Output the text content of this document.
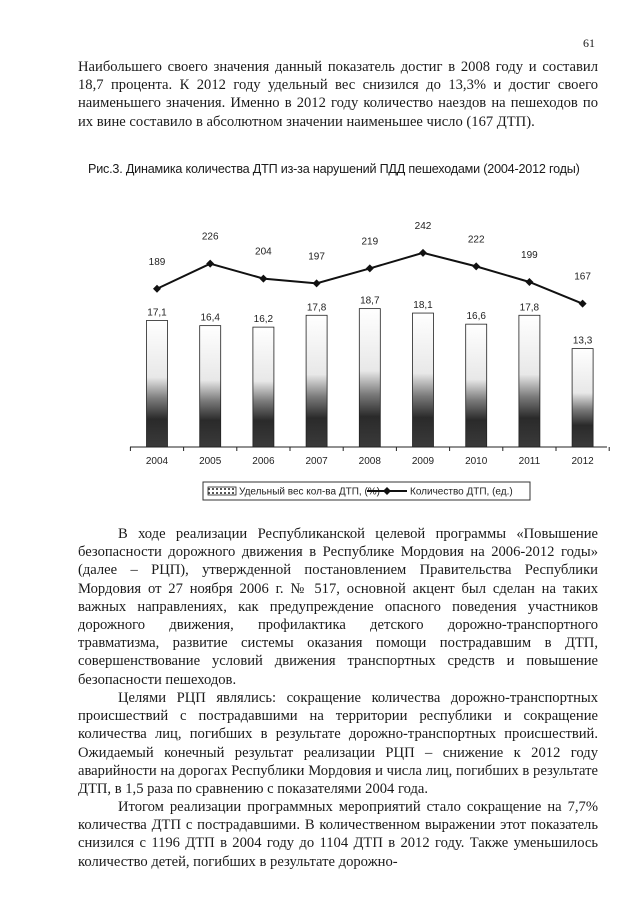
61

Наибольшего своего значения данный показатель достиг в 2008 году и составил 18,7 процента. К 2012 году удельный вес снизился до 13,3% и достиг своего наименьшего значения. Именно в 2012 году количество наездов на пешеходов по их вине составило в абсолютном значении наименьшее число (167 ДТП).

Рис.3. Динамика количества ДТП из-за нарушений ПДД пешеходами (2004-2012 годы)
17,1	16,4	16,2
17,8
18,7	18,1
16,6
17,8
13,3
2004	2005	2006	2007	2008	2009	2010	2011	2012
189
226
204	197
219
242
222
199
167
Удельный вес кол-ва ДТП, (%)	Количество ДТП, (ед.)

В ходе реализации Республиканской целевой программы «Повышение безопасности дорожного движения в Республике Мордовия на 2006-2012 годы» (далее – РЦП), утвержденной постановлением Правительства Республики Мордовия от 27 ноября 2006 г. № 517, основной акцент был сделан на таких важных направлениях, как предупреждение опасного поведения участников дорожного движения, профилактика детского дорожно-транспортного травматизма, развитие системы оказания помощи пострадавшим в ДТП, совершенствование условий движения транспортных средств и повышение безопасности пешеходов.

Целями РЦП являлись: сокращение количества дорожно-транспортных происшествий с пострадавшими на территории республики и сокращение количества лиц, погибших в результате дорожно-транспортных происшествий. Ожидаемый конечный результат реализации РЦП – снижение к 2012 году аварийности на дорогах Республики Мордовия и числа лиц, погибших в результате ДТП, в 1,5 раза по сравнению с показателями 2004 года.

Итогом реализации программных мероприятий стало сокращение на 7,7% количества ДТП с пострадавшими. В количественном выражении этот показатель снизился с 1196 ДТП в 2004 году до 1104 ДТП в 2012 году. Также уменьшилось количество детей, погибших в результате дорожно-
